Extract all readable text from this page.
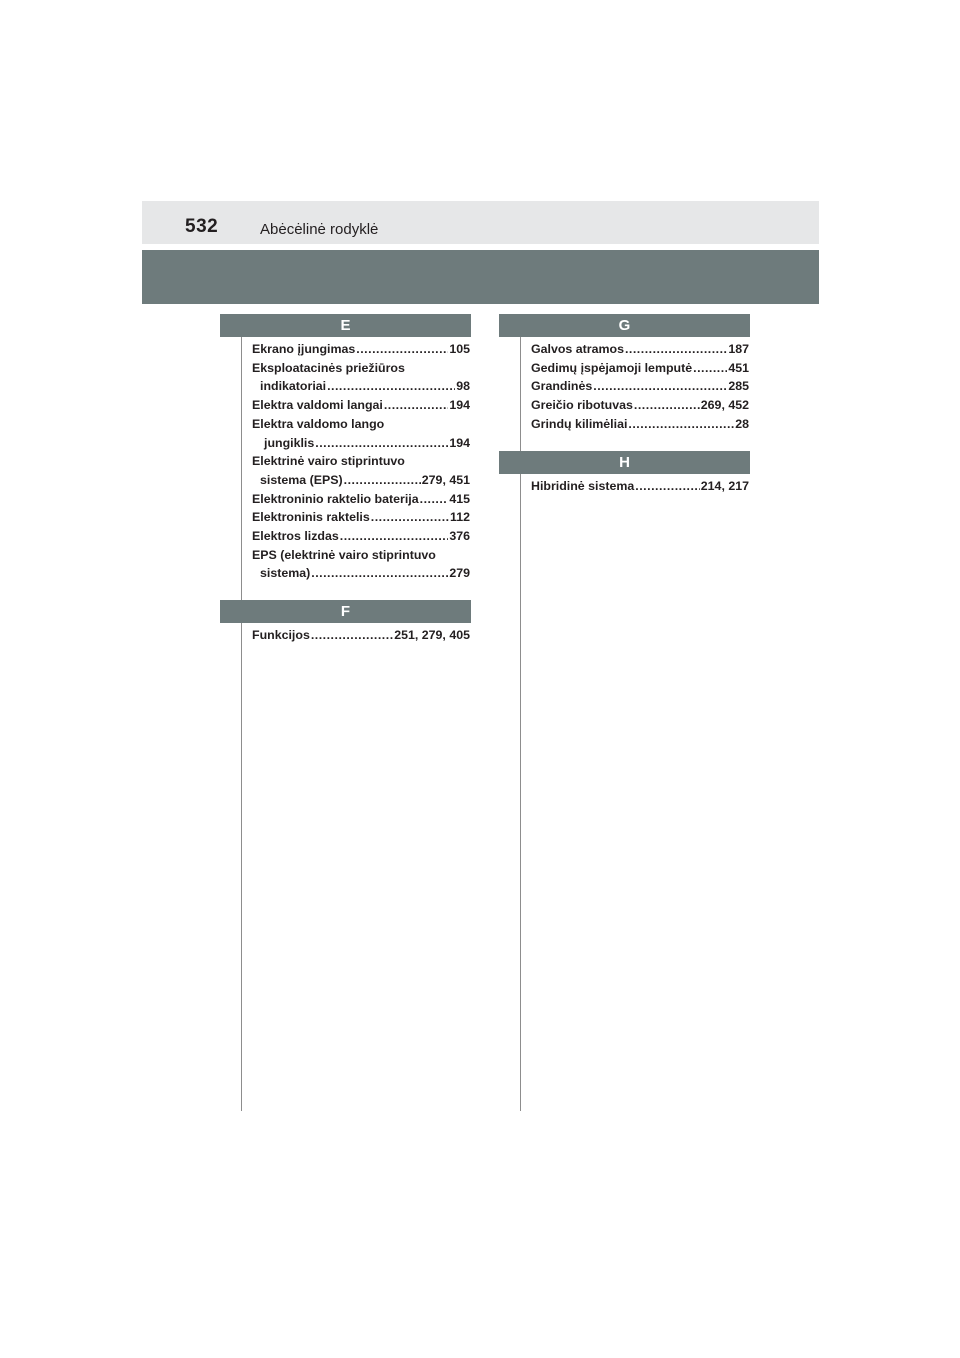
532	Abėcėlinė rodyklė
E
Ekrano įjungimas .....	105
Eksploatacinės priežiūros
indikatoriai .....	98
Elektra valdomi langai .....	194
Elektra valdomo lango
jungiklis .....	194
Elektrinė vairo stiprintuvo
sistema (EPS) .....	279, 451
Elektroninio raktelio baterija ..... 415
Elektroninis raktelis .....	112
Elektros lizdas .....	376
EPS (elektrinė vairo stiprintuvo
sistema) .....	279
F
Funkcijos .....	251, 279, 405
G
Galvos atramos .....	187
Gedimų įspėjamoji lemputė .....	451
Grandinės .....	285
Greičio ribotuvas .....	269, 452
Grindų kilimėliai .....	28
H
Hibridinė sistema .....	214, 217
